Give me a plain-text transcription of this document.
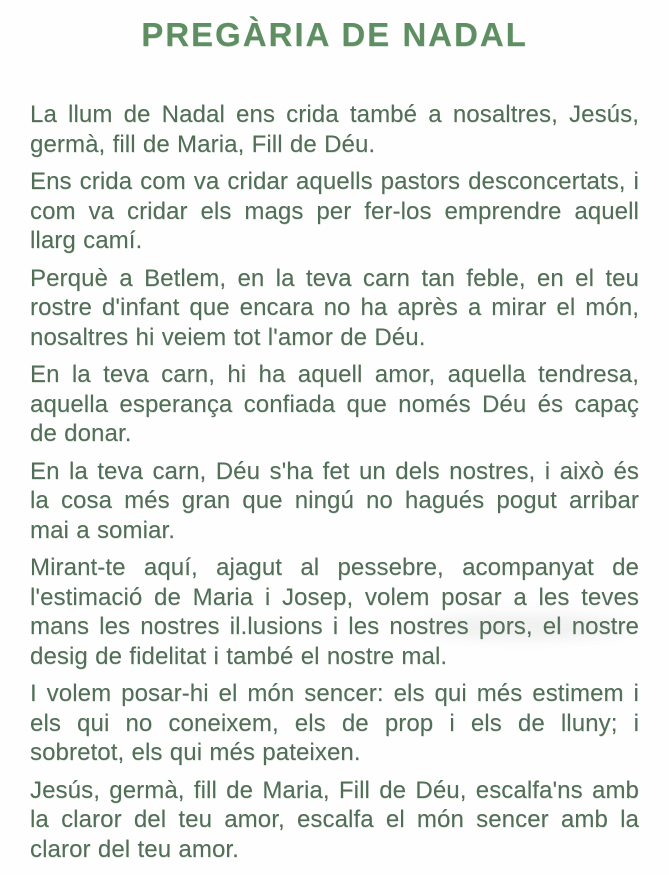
PREGÀRIA DE NADAL

La llum de Nadal ens crida també a nosaltres, Jesús, germà, fill de Maria, Fill de Déu.

Ens crida com va cridar aquells pastors desconcertats, i com va cridar els mags per fer-los emprendre aquell llarg camí.

Perquè a Betlem, en la teva carn tan feble, en el teu rostre d'infant que encara no ha après a mirar el món, nosaltres hi veiem tot l'amor de Déu.

En la teva carn, hi ha aquell amor, aquella tendresa, aquella esperança confiada que només Déu és capaç de donar.

En la teva carn, Déu s'ha fet un dels nostres, i això és la cosa més gran que ningú no hagués pogut arribar mai a somiar.

Mirant-te aquí, ajagut al pessebre, acompanyat de l'estimació de Maria i Josep, volem posar a les teves mans les nostres il.lusions i les nostres pors, el nostre desig de fidelitat i també el nostre mal.

I volem posar-hi el món sencer: els qui més estimem i els qui no coneixem, els de prop i els de lluny; i sobretot, els qui més pateixen.

Jesús, germà, fill de Maria, Fill de Déu, escalfa'ns amb la claror del teu amor, escalfa el món sencer amb la claror del teu amor.
